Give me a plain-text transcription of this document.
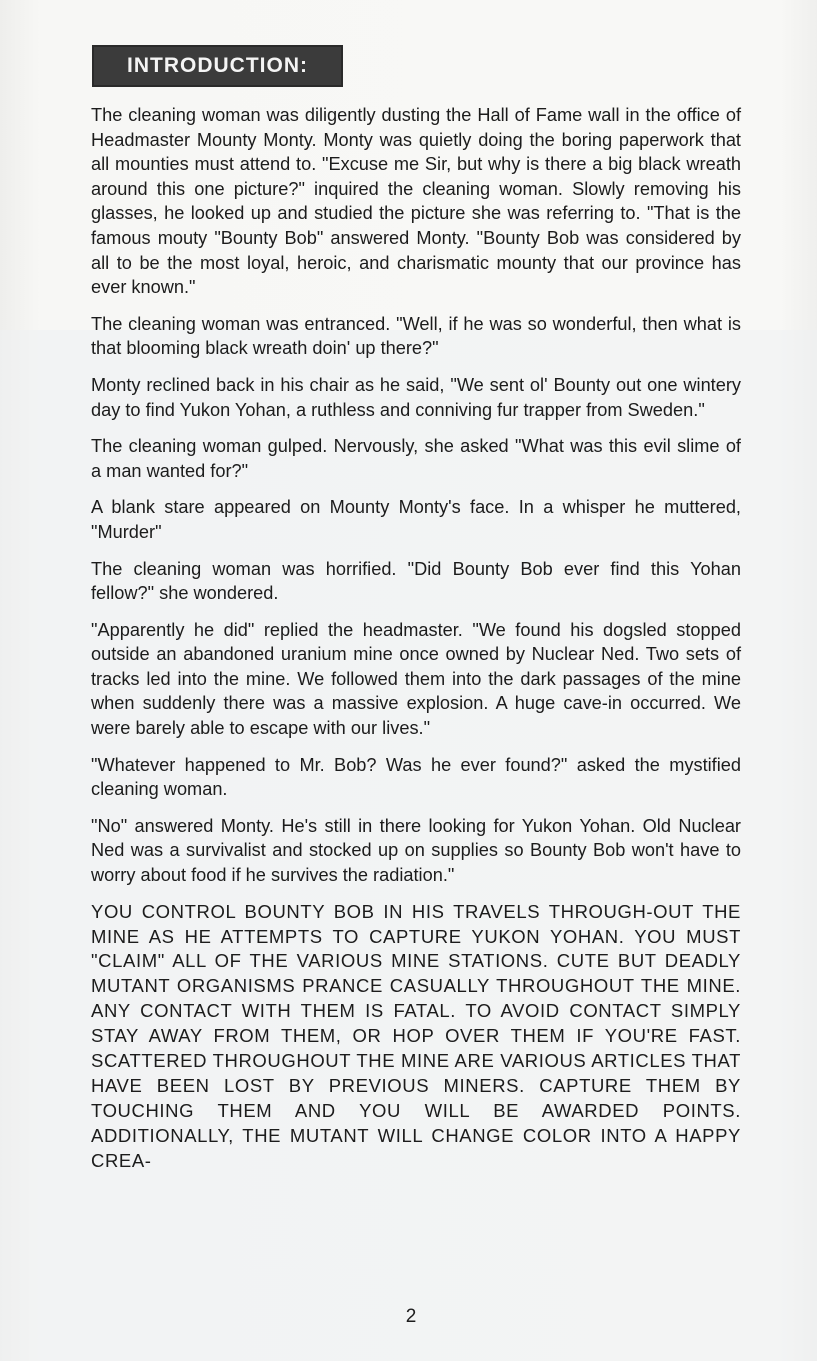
INTRODUCTION:

The cleaning woman was diligently dusting the Hall of Fame wall in the office of Headmaster Mounty Monty. Monty was quietly doing the boring paperwork that all mounties must attend to. "Excuse me Sir, but why is there a big black wreath around this one picture?" inquired the cleaning woman. Slowly removing his glasses, he looked up and studied the picture she was referring to. "That is the famous mouty "Bounty Bob" answered Monty. "Bounty Bob was considered by all to be the most loyal, heroic, and charismatic mounty that our province has ever known."

The cleaning woman was entranced. "Well, if he was so wonderful, then what is that blooming black wreath doin' up there?"

Monty reclined back in his chair as he said, "We sent ol' Bounty out one wintery day to find Yukon Yohan, a ruthless and conniving fur trapper from Sweden."

The cleaning woman gulped. Nervously, she asked "What was this evil slime of a man wanted for?"

A blank stare appeared on Mounty Monty's face. In a whisper he muttered, "Murder"

The cleaning woman was horrified. "Did Bounty Bob ever find this Yohan fellow?" she wondered.

"Apparently he did" replied the headmaster. "We found his dogsled stopped outside an abandoned uranium mine once owned by Nuclear Ned. Two sets of tracks led into the mine. We followed them into the dark passages of the mine when suddenly there was a massive explosion. A huge cave-in occurred. We were barely able to escape with our lives."

"Whatever happened to Mr. Bob? Was he ever found?" asked the mystified cleaning woman.

"No" answered Monty. He's still in there looking for Yukon Yohan. Old Nuclear Ned was a survivalist and stocked up on supplies so Bounty Bob won't have to worry about food if he survives the radiation."

YOU CONTROL BOUNTY BOB IN HIS TRAVELS THROUGH-OUT THE MINE AS HE ATTEMPTS TO CAPTURE YUKON YOHAN. YOU MUST "CLAIM" ALL OF THE VARIOUS MINE STATIONS. CUTE BUT DEADLY MUTANT ORGANISMS PRANCE CASUALLY THROUGHOUT THE MINE. ANY CONTACT WITH THEM IS FATAL. TO AVOID CONTACT SIMPLY STAY AWAY FROM THEM, OR HOP OVER THEM IF YOU'RE FAST. SCATTERED THROUGHOUT THE MINE ARE VARIOUS ARTICLES THAT HAVE BEEN LOST BY PREVIOUS MINERS. CAPTURE THEM BY TOUCHING THEM AND YOU WILL BE AWARDED POINTS. ADDITIONALLY, THE MUTANT WILL CHANGE COLOR INTO A HAPPY CREA-

2
